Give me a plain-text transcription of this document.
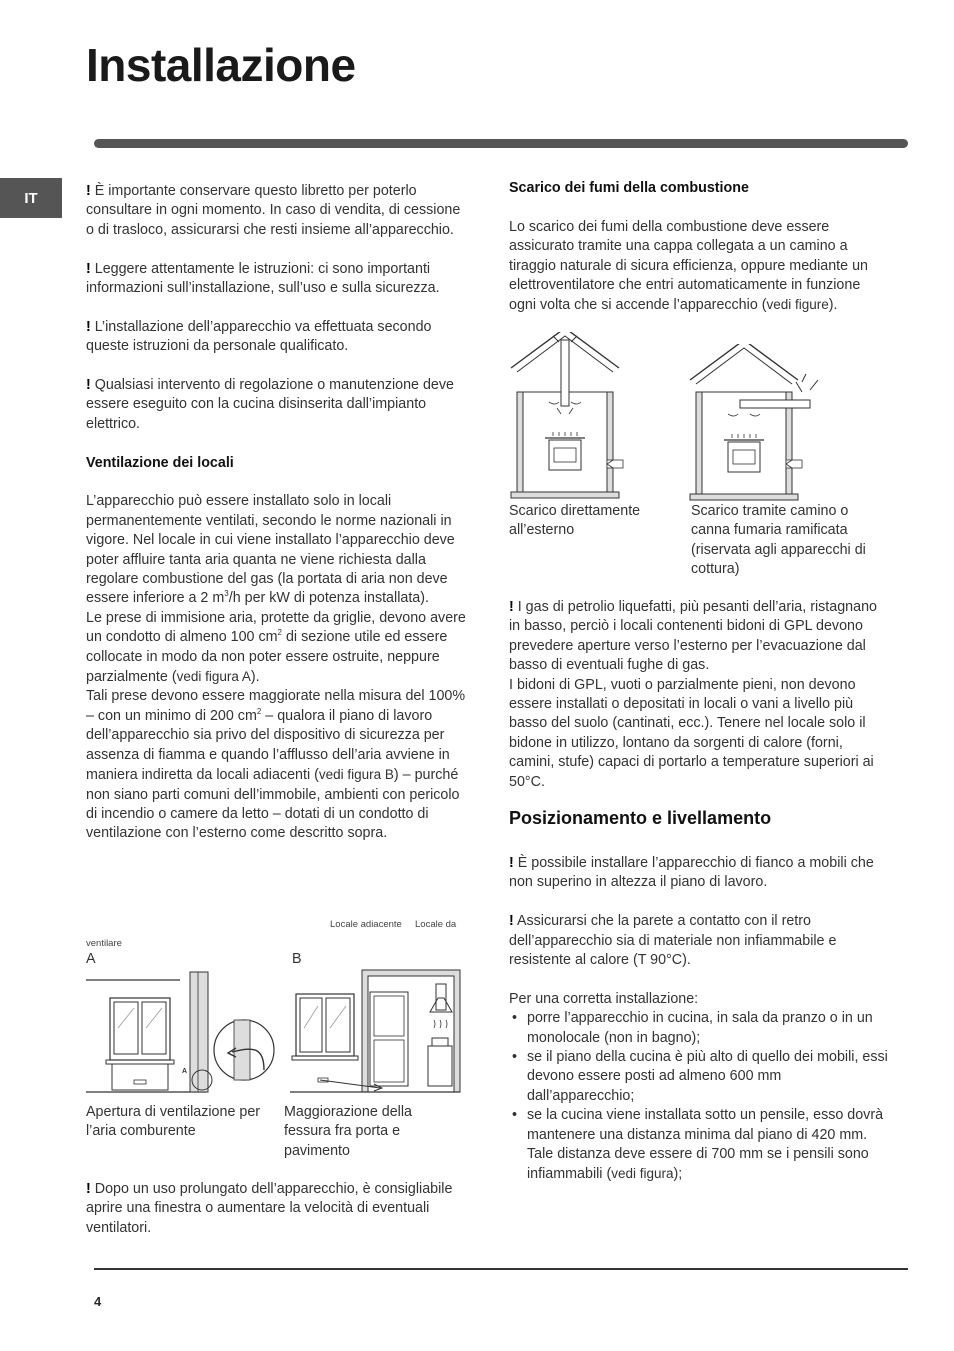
Installazione
IT	! È importante conservare questo libretto per poterlo consultare in ogni momento. In caso di vendita, di cessione o di trasloco, assicurarsi che resti insieme all’apparecchio.

! Leggere attentamente le istruzioni: ci sono importanti informazioni sull’installazione, sull’uso e sulla sicurezza.

! L’installazione dell’apparecchio va effettuata secondo queste istruzioni da personale qualificato.

! Qualsiasi intervento di regolazione o manutenzione deve essere eseguito con la cucina disinserita dall’impianto elettrico.

Ventilazione dei locali

L’apparecchio può essere installato solo in locali permanentemente ventilati, secondo le norme nazionali in vigore. Nel locale in cui viene installato l’apparecchio deve poter affluire tanta aria quanta ne viene richiesta dalla regolare combustione del gas (la portata di aria non deve essere inferiore a 2 $m^3/h$ per kW di potenza installata).

Le prese di immisione aria, protette da griglie, devono avere un condotto di almeno 100 $cm^2$ di sezione utile ed essere collocate in modo da non poter essere ostruite, neppure parzialmente (vedi figura A).

Tali prese devono essere maggiorate nella misura del 100% – con un minimo di 200 $cm^2$ – qualora il piano di lavoro dell’apparecchio sia privo del dispositivo di sicurezza per assenza di fiamma e quando l’afflusso dell’aria avviene in maniera indiretta da locali adiacenti (vedi figura B) – purché non siano parti comuni dell’immobile, ambienti con pericolo di incendio o camere da letto – dotati di un condotto di ventilazione con l’esterno come descritto sopra.

Locale adiacente Locale da
ventilare
A	B
A
Apertura di ventilazione per l’aria comburente
Maggiorazione della fessura fra porta e pavimento

! Dopo un uso prolungato dell’apparecchio, è consigliabile aprire una finestra o aumentare la velocità di eventuali ventilatori.

Scarico dei fumi della combustione

Lo scarico dei fumi della combustione deve essere assicurato tramite una cappa collegata a un camino a tiraggio naturale di sicura efficienza, oppure mediante un elettroventilatore che entri automaticamente in funzione ogni volta che si accende l’apparecchio (vedi figure).

Scarico direttamente all’esterno
Scarico tramite camino o canna fumaria ramificata (riservata agli apparecchi di cottura)

! I gas di petrolio liquefatti, più pesanti dell’aria, ristagnano in basso, perciò i locali contenenti bidoni di GPL devono prevedere aperture verso l’esterno per l’evacuazione dal basso di eventuali fughe di gas.

I bidoni di GPL, vuoti o parzialmente pieni, non devono essere installati o depositati in locali o vani a livello più basso del suolo (cantinati, ecc.). Tenere nel locale solo il bidone in utilizzo, lontano da sorgenti di calore (forni, camini, stufe) capaci di portarlo a temperature superiori ai 50°C.

Posizionamento e livellamento

! È possibile installare l’apparecchio di fianco a mobili che non superino in altezza il piano di lavoro.

! Assicurarsi che la parete a contatto con il retro dell’apparecchio sia di materiale non infiammabile e resistente al calore (T 90°C).

Per una corretta installazione:

• porre l’apparecchio in cucina, in sala da pranzo o in un monolocale (non in bagno);
• se il piano della cucina è più alto di quello dei mobili, essi devono essere posti ad almeno 600 mm dall’apparecchio;
• se la cucina viene installata sotto un pensile, esso dovrà mantenere una distanza minima dal piano di 420 mm. Tale distanza deve essere di 700 mm se i pensili sono infiammabili (vedi figura);
4
